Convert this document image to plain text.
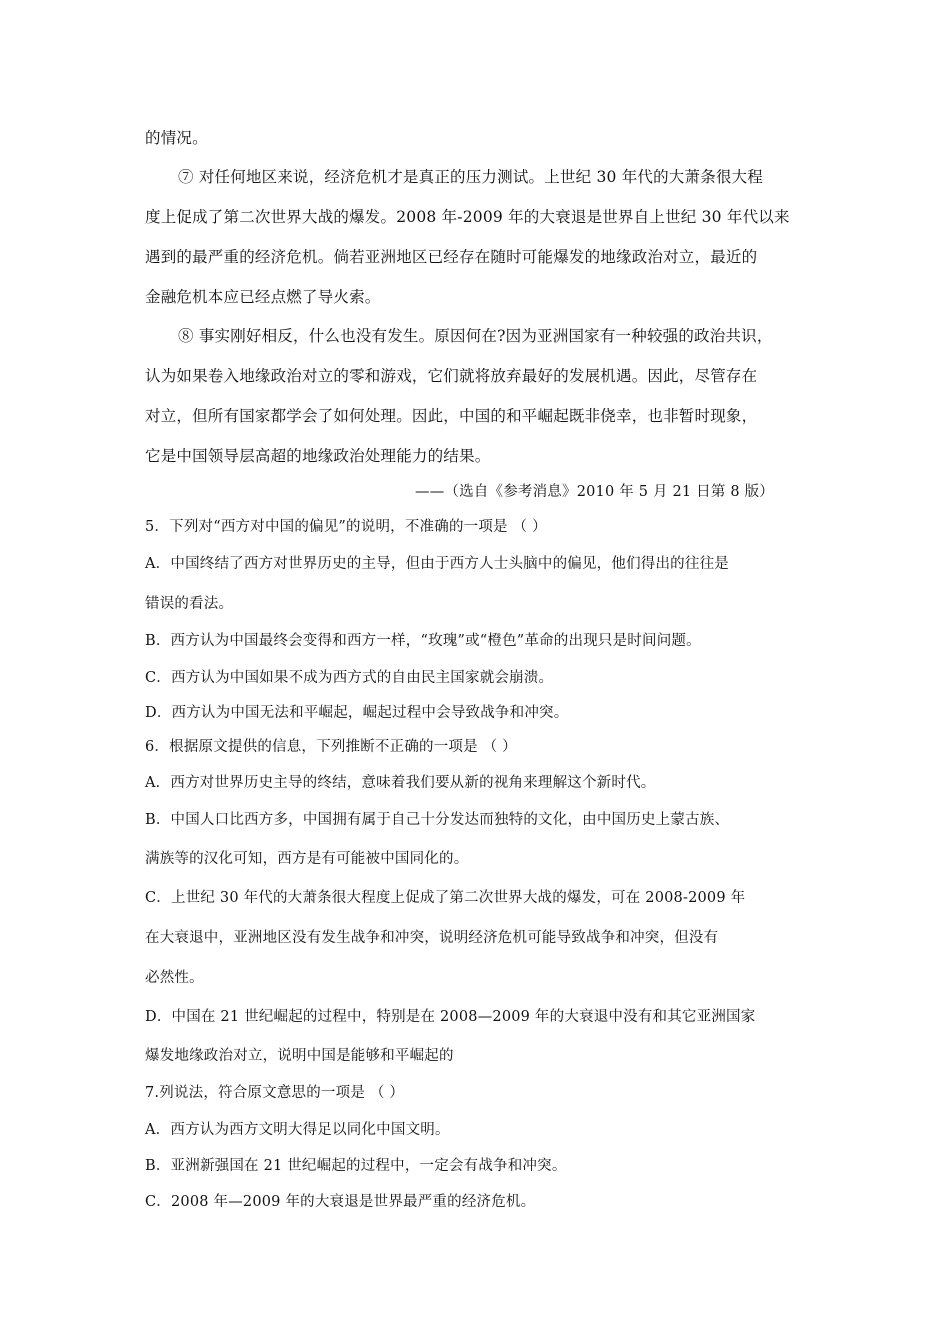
的情况。
⑦ 对任何地区来说，经济危机才是真正的压力测试。上世纪 30 年代的大萧条很大程
度上促成了第二次世界大战的爆发。2008 年-2009 年的大衰退是世界自上世纪 30 年代以来
遇到的最严重的经济危机。倘若亚洲地区已经存在随时可能爆发的地缘政治对立，最近的
金融危机本应已经点燃了导火索。
⑧ 事实刚好相反，什么也没有发生。原因何在?因为亚洲国家有一种较强的政治共识，
认为如果卷入地缘政治对立的零和游戏，它们就将放弃最好的发展机遇。因此，尽管存在
对立，但所有国家都学会了如何处理。因此，中国的和平崛起既非侥幸，也非暂时现象，
它是中国领导层高超的地缘政治处理能力的结果。
——（选自《参考消息》2010 年 5 月 21 日第 8 版）
5．下列对“西方对中国的偏见”的说明，不准确的一项是 （ ）
A．中国终结了西方对世界历史的主导，但由于西方人士头脑中的偏见，他们得出的往往是
错误的看法。
B．西方认为中国最终会变得和西方一样，“玫瑰”或“橙色”革命的出现只是时间问题。
C．西方认为中国如果不成为西方式的自由民主国家就会崩溃。
D．西方认为中国无法和平崛起，崛起过程中会导致战争和冲突。
6．根据原文提供的信息，下列推断不正确的一项是 （ ）
A．西方对世界历史主导的终结，意味着我们要从新的视角来理解这个新时代。
B．中国人口比西方多，中国拥有属于自己十分发达而独特的文化，由中国历史上蒙古族、
满族等的汉化可知，西方是有可能被中国同化的。
C．上世纪 30 年代的大萧条很大程度上促成了第二次世界大战的爆发，可在 2008-2009 年
在大衰退中，亚洲地区没有发生战争和冲突，说明经济危机可能导致战争和冲突，但没有
必然性。
D．中国在 21 世纪崛起的过程中，特别是在 2008—2009 年的大衰退中没有和其它亚洲国家
爆发地缘政治对立，说明中国是能够和平崛起的
7.列说法，符合原文意思的一项是 （ ）
A．西方认为西方文明大得足以同化中国文明。
B．亚洲新强国在 21 世纪崛起的过程中，一定会有战争和冲突。
C．2008 年—2009 年的大衰退是世界最严重的经济危机。
